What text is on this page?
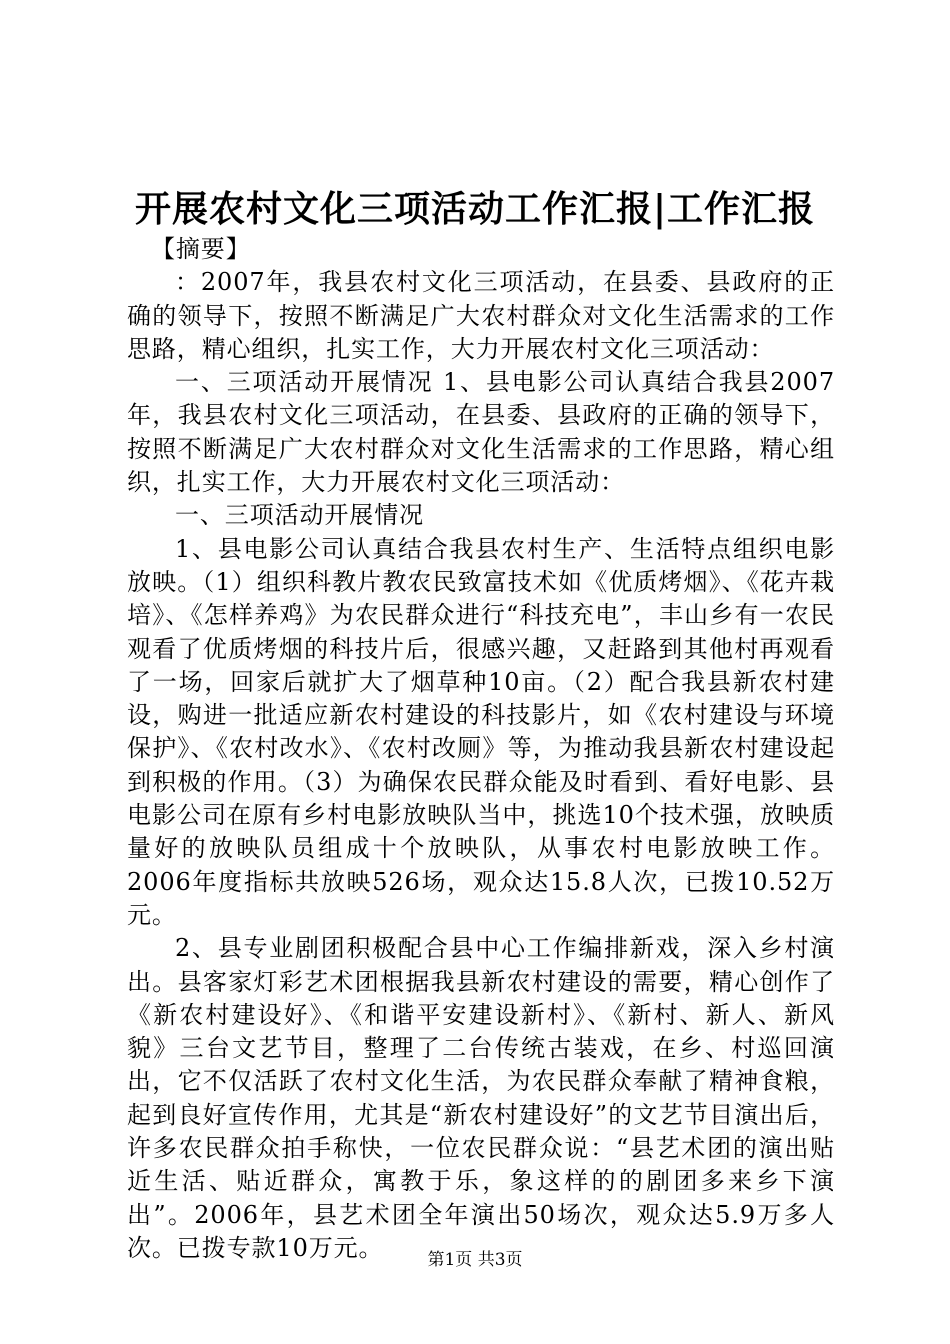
开展农村文化三项活动工作汇报|工作汇报

【摘要】

：2007年，我县农村文化三项活动，在县委、县政府的正确的领导下，按照不断满足广大农村群众对文化生活需求的工作思路，精心组织，扎实工作，大力开展农村文化三项活动：

一、三项活动开展情况 1、县电影公司认真结合我县2007年，我县农村文化三项活动，在县委、县政府的正确的领导下，按照不断满足广大农村群众对文化生活需求的工作思路，精心组织，扎实工作，大力开展农村文化三项活动：

一、三项活动开展情况

1、县电影公司认真结合我县农村生产、生活特点组织电影放映。（1）组织科教片教农民致富技术如《优质烤烟》、《花卉栽培》、《怎样养鸡》为农民群众进行“科技充电”，丰山乡有一农民观看了优质烤烟的科技片后，很感兴趣，又赶路到其他村再观看了一场，回家后就扩大了烟草种10亩。（2）配合我县新农村建设，购进一批适应新农村建设的科技影片，如《农村建设与环境保护》、《农村改水》、《农村改厕》等，为推动我县新农村建设起到积极的作用。（3）为确保农民群众能及时看到、看好电影、县电影公司在原有乡村电影放映队当中，挑选10个技术强，放映质量好的放映队员组成十个放映队，从事农村电影放映工作。2006年度指标共放映526场，观众达15.8人次，已拨10.52万元。

2、县专业剧团积极配合县中心工作编排新戏，深入乡村演出。县客家灯彩艺术团根据我县新农村建设的需要，精心创作了《新农村建设好》、《和谐平安建设新村》、《新村、新人、新风貌》三台文艺节目，整理了二台传统古装戏，在乡、村巡回演出，它不仅活跃了农村文化生活，为农民群众奉献了精神食粮，起到良好宣传作用，尤其是“新农村建设好”的文艺节目演出后，许多农民群众拍手称快，一位农民群众说：“县艺术团的演出贴近生活、贴近群众，寓教于乐，象这样的的剧团多来乡下演出”。2006年，县艺术团全年演出50场次，观众达5.9万多人次。已拨专款10万元。	第1页 共3页
